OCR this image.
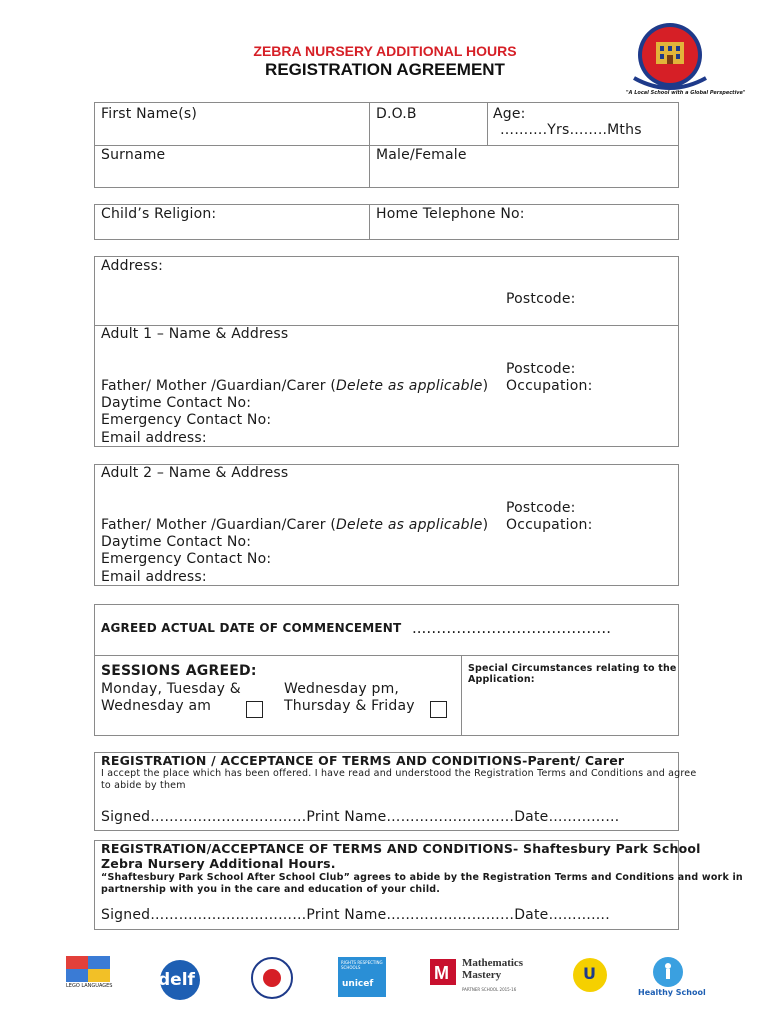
ZEBRA NURSERY ADDITIONAL HOURS
REGISTRATION AGREEMENT
"A Local School with a Global Perspective"
First Name(s)	D.O.B	Age:
……….Yrs……..Mths
Surname	Male/Female
Child’s Religion:	Home Telephone No:
Address:
Postcode:
Adult 1 – Name & Address
Postcode:
Father/ Mother /Guardian/Carer (Delete as applicable) Occupation:
Daytime Contact No:
Emergency Contact No:
Email address:
Adult 2 – Name & Address
Postcode:
Father/ Mother /Guardian/Carer (Delete as applicable) Occupation:
Daytime Contact No:
Emergency Contact No:
Email address:
AGREED ACTUAL DATE OF COMMENCEMENT ...……………………………….
SESSIONS AGREED:
Monday, Tuesday &
Wednesday am
Wednesday pm,
Thursday & Friday
Special Circumstances relating to the
Application:
REGISTRATION / ACCEPTANCE OF TERMS AND CONDITIONS-Parent/ Carer
I accept the place which has been offered. I have read and understood the Registration Terms and Conditions and agree
to abide by them
Signed……………………………Print Name………………………Date……………
REGISTRATION/ACCEPTANCE OF TERMS AND CONDITIONS- Shaftesbury Park School
Zebra Nursery Additional Hours.
“Shaftesbury Park School After School Club” agrees to abide by the Registration Terms and Conditions and work in
partnership with you in the care and education of your child.
Signed……………………………Print Name………………………Date………….
LEGO LANGUAGES	delf
RIGHTS RESPECTING SCHOOLS
unicef
M Mathematics
Mastery
PARTNER SCHOOL 2015-16
U
Healthy School
